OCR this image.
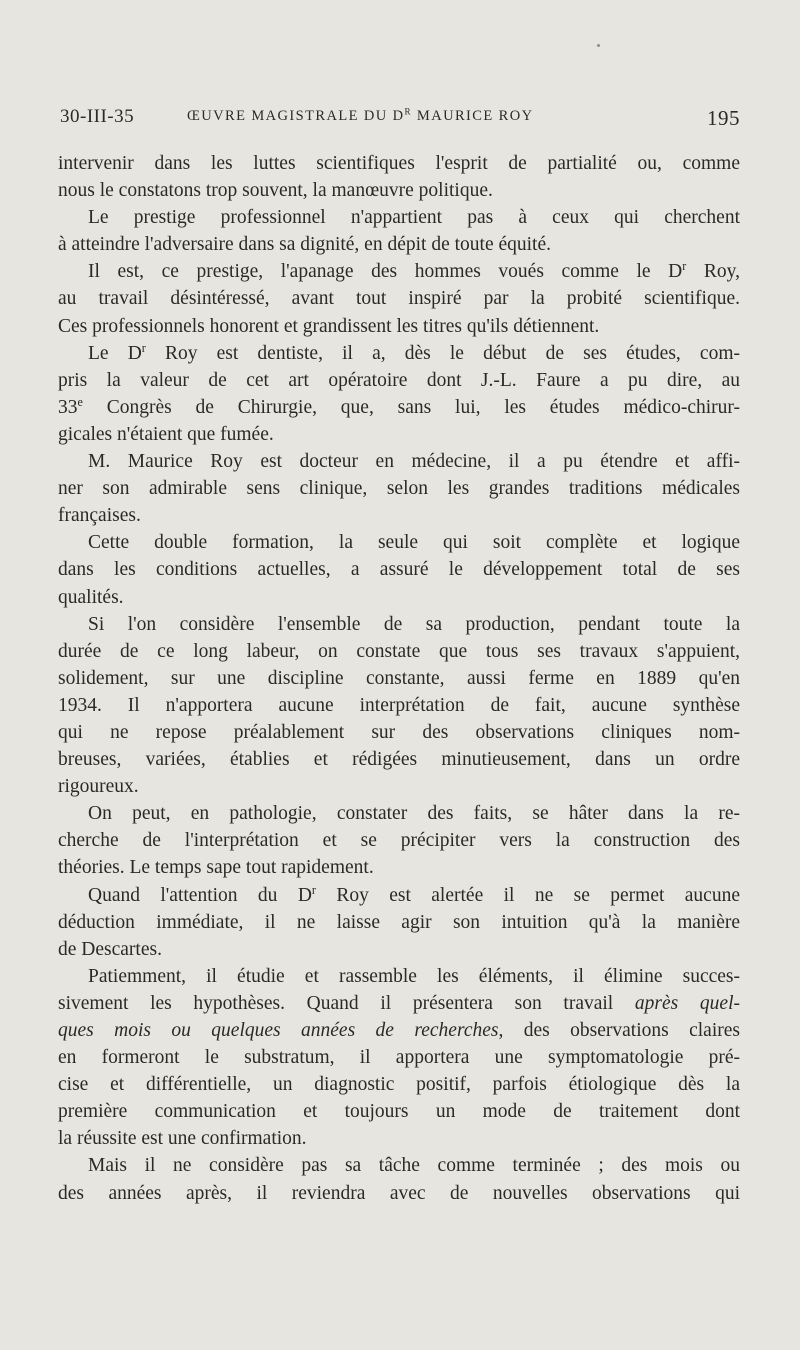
30-III-35	ŒUVRE MAGISTRALE DU $D^R$ MAURICE ROY	195
intervenir dans les luttes scientifiques l'esprit de partialité ou, comme
nous le constatons trop souvent, la manœuvre politique.
Le prestige professionnel n'appartient pas à ceux qui cherchent
à atteindre l'adversaire dans sa dignité, en dépit de toute équité.
Il est, ce prestige, l'apanage des hommes voués comme le $D^r$ Roy,
au travail désintéressé, avant tout inspiré par la probité scientifique.
Ces professionnels honorent et grandissent les titres qu'ils détiennent.
Le $D^r$ Roy est dentiste, il a, dès le début de ses études, com-
pris la valeur de cet art opératoire dont J.-L. Faure a pu dire, au
33e Congrès de Chirurgie, que, sans lui, les études médico-chirur-
gicales n'étaient que fumée.
M. Maurice Roy est docteur en médecine, il a pu étendre et affi-
ner son admirable sens clinique, selon les grandes traditions médicales
françaises.
Cette double formation, la seule qui soit complète et logique
dans les conditions actuelles, a assuré le développement total de ses
qualités.
Si l'on considère l'ensemble de sa production, pendant toute la
durée de ce long labeur, on constate que tous ses travaux s'appuient,
solidement, sur une discipline constante, aussi ferme en 1889 qu'en
1934. Il n'apportera aucune interprétation de fait, aucune synthèse
qui ne repose préalablement sur des observations cliniques nom-
breuses, variées, établies et rédigées minutieusement, dans un ordre
rigoureux.
On peut, en pathologie, constater des faits, se hâter dans la re-
cherche de l'interprétation et se précipiter vers la construction des
théories. Le temps sape tout rapidement.
Quand l'attention du $D^r$ Roy est alertée il ne se permet aucune
déduction immédiate, il ne laisse agir son intuition qu'à la manière
de Descartes.
Patiemment, il étudie et rassemble les éléments, il élimine succes-
sivement les hypothèses. Quand il présentera son travail après quel-
ques mois ou quelques années de recherches, des observations claires
en formeront le substratum, il apportera une symptomatologie pré-
cise et différentielle, un diagnostic positif, parfois étiologique dès la
première communication et toujours un mode de traitement dont
la réussite est une confirmation.
Mais il ne considère pas sa tâche comme terminée ; des mois ou
des années après, il reviendra avec de nouvelles observations qui
